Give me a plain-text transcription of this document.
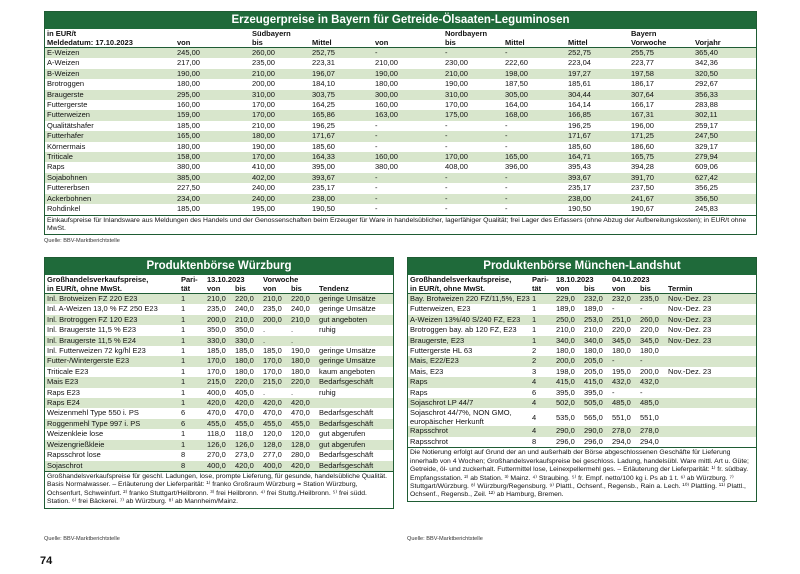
Erzeugerpreise in Bayern für Getreide-Ölsaaten-Leguminosen
in EUR/t		Südbayern			Nordbayern			Bayern	
Meldedatum: 17.10.2023	von	bis	Mittel	von	bis	Mittel	Mittel	Vorwoche	Vorjahr
E-Weizen	245,00	260,00	252,75	-	-	-	252,75	255,75	365,40
A-Weizen	217,00	235,00	223,31	210,00	230,00	222,60	223,04	223,77	342,36
B-Weizen	190,00	210,00	196,07	190,00	210,00	198,00	197,27	197,58	320,50
Brotroggen	180,00	200,00	184,10	180,00	190,00	187,50	185,61	186,17	292,67
Braugerste	295,00	310,00	303,75	300,00	310,00	305,00	304,44	307,64	356,33
Futtergerste	160,00	170,00	164,25	160,00	170,00	164,00	164,14	166,17	283,88
Futterweizen	159,00	170,00	165,86	163,00	175,00	168,00	166,85	167,31	302,11
Qualitätshafer	185,00	210,00	196,25	-	-	-	196,25	196,00	259,17
Futterhafer	165,00	180,00	171,67	-	-	-	171,67	171,25	247,50
Körnermais	180,00	190,00	185,60	-	-	-	185,60	186,60	329,17
Triticale	158,00	170,00	164,33	160,00	170,00	165,00	164,71	165,75	279,94
Raps	380,00	410,00	395,00	380,00	408,00	396,00	395,43	394,28	609,06
Sojabohnen	385,00	402,00	393,67	-	-	-	393,67	391,70	627,42
Futtererbsen	227,50	240,00	235,17	-	-	-	235,17	237,50	356,25
Ackerbohnen	234,00	240,00	238,00	-	-	-	238,00	241,67	356,50
Rohdinkel	185,00	195,00	190,50	-	-	-	190,50	190,67	245,83
Einkaufspreise für Inlandsware aus Meldungen des Handels und der Genossenschaften beim Erzeuger für Ware in handelsüblicher, lagerfähiger Qualität; frei Lager des Erfassers (ohne Abzug der Aufbereitungskosten); in EUR/t ohne MwSt.
Quelle: BBV-Marktberichtstelle
Produktenbörse Würzburg
Großhandelsverkaufspreise,	Pari-	13.10.2023		Vorwoche		
in EUR/t, ohne MwSt.	tät	von	bis	von	bis	Tendenz
Inl. Brotweizen FZ 220 E23	1	210,0	220,0	210,0	220,0	geringe Umsätze
Inl. A-Weizen 13,0 % FZ 250 E23	1	235,0	240,0	235,0	240,0	geringe Umsätze
Inl. Brotroggen FZ 120 E23	1	200,0	210,0	200,0	210,0	gut angeboten
Inl. Braugerste 11,5 % E23	1	350,0	350,0	.	.	ruhig
Inl. Braugerste 11,5 % E24	1	330,0	330,0	.	.	
Inl. Futterweizen 72 kg/hl E23	1	185,0	185,0	185,0	190,0	geringe Umsätze
Futter-/Wintergerste E23	1	170,0	180,0	170,0	180,0	geringe Umsätze
Triticale E23	1	170,0	180,0	170,0	180,0	kaum angeboten
Mais E23	1	215,0	220,0	215,0	220,0	Bedarfsgeschäft
Raps E23	1	400,0	405,0	.	.	ruhig
Raps E24	1	420,0	420,0	420,0	420,0	
Weizenmehl Type 550 i. PS	6	470,0	470,0	470,0	470,0	Bedarfsgeschäft
Roggenmehl Type 997 i. PS	6	455,0	455,0	455,0	455,0	Bedarfsgeschäft
Weizenkleie lose	1	118,0	118,0	120,0	120,0	gut abgerufen
Weizengrießkleie	1	126,0	126,0	128,0	128,0	gut abgerufen
Rapsschrot lose	8	270,0	273,0	277,0	280,0	Bedarfsgeschäft
Sojaschrot	8	400,0	420,0	400,0	420,0	Bedarfsgeschäft
Großhandelsverkaufspreise für geschl. Ladungen, lose, prompte Lieferung, für gesunde, handelsübliche Qualität. Basis Normalwasser. – Erläuterung der Lieferparität: ¹⁾ franko Großraum Würzburg = Station Würzburg, Ochsenfurt, Schweinfurt. ²⁾ franko Stuttgart/Heilbronn. ³⁾ frei Heilbronn. ⁴⁾ frei Stuttg./Heilbronn. ⁵⁾ frei südd. Station. ⁶⁾ frei Bäckerei. ⁷⁾ ab Würzburg. ⁸⁾ ab Mannheim/Mainz.
Quelle: BBV-Marktberichtstelle
Produktenbörse München-Landshut
Großhandelsverkaufspreise,	Pari-	18.10.2023		04.10.2023		
in EUR/t, ohne MwSt.	tät	von	bis	von	bis	Termin
Bay. Brotweizen 220 FZ/11,5%, E23	1	229,0	232,0	232,0	235,0	Nov.-Dez. 23
Futterweizen, E23	1	189,0	189,0	-	-	Nov.-Dez. 23
A-Weizen 13%/40 S/240 FZ, E23	1	250,0	253,0	251,0	260,0	Nov.-Dez. 23
Brotroggen bay. ab 120 FZ, E23	1	210,0	210,0	220,0	220,0	Nov.-Dez. 23
Braugerste, E23	1	340,0	340,0	345,0	345,0	Nov.-Dez. 23
Futtergerste HL 63	2	180,0	180,0	180,0	180,0	
Mais, E22/E23	2	200,0	205,0	-	-	
Mais, E23	3	198,0	205,0	195,0	200,0	Nov.-Dez. 23
Raps	4	415,0	415,0	432,0	432,0	
Raps	6	395,0	395,0	-	-	
Sojaschrot LP 44/7	4	502,0	505,0	485,0	485,0	
Sojaschrot 44/7%, NON GMO, europäischer Herkunft	4	535,0	565,0	551,0	551,0	
Rapsschrot	4	290,0	290,0	278,0	278,0	
Rapsschrot	8	296,0	296,0	294,0	294,0	
Die Notierung erfolgt auf Grund der an und außerhalb der Börse abgeschlossenen Geschäfte für Lieferung innerhalb von 4 Wochen; Großhandelsverkaufspreise bei geschloss. Ladung, handelsübl. Ware mittl. Art u. Güte; Getreide, öl- und zuckerhalt. Futtermittel lose, Leinexpellermehl ges. – Erläuterung der Lieferparität: ¹⁾ fr. südbay. Empfangsstation. ²⁾ ab Station. ³⁾ Mainz. ⁴⁾ Straubing. ⁵⁾ fr. Empf. netto/100 kg i. Ps ab 1 t. ⁶⁾ ab Würzburg. ⁷⁾ Stuttgart/Würzburg. ⁸⁾ Würzburg/Regensburg. ⁹⁾ Plattl., Ochsenf., Regensb., Rain a. Lech. ¹⁰⁾ Plattling. ¹¹⁾ Plattl., Ochsenf., Regensb., Zeil. ¹²⁾ ab Hamburg, Bremen.
Quelle: BBV-Marktberichtstelle
74
